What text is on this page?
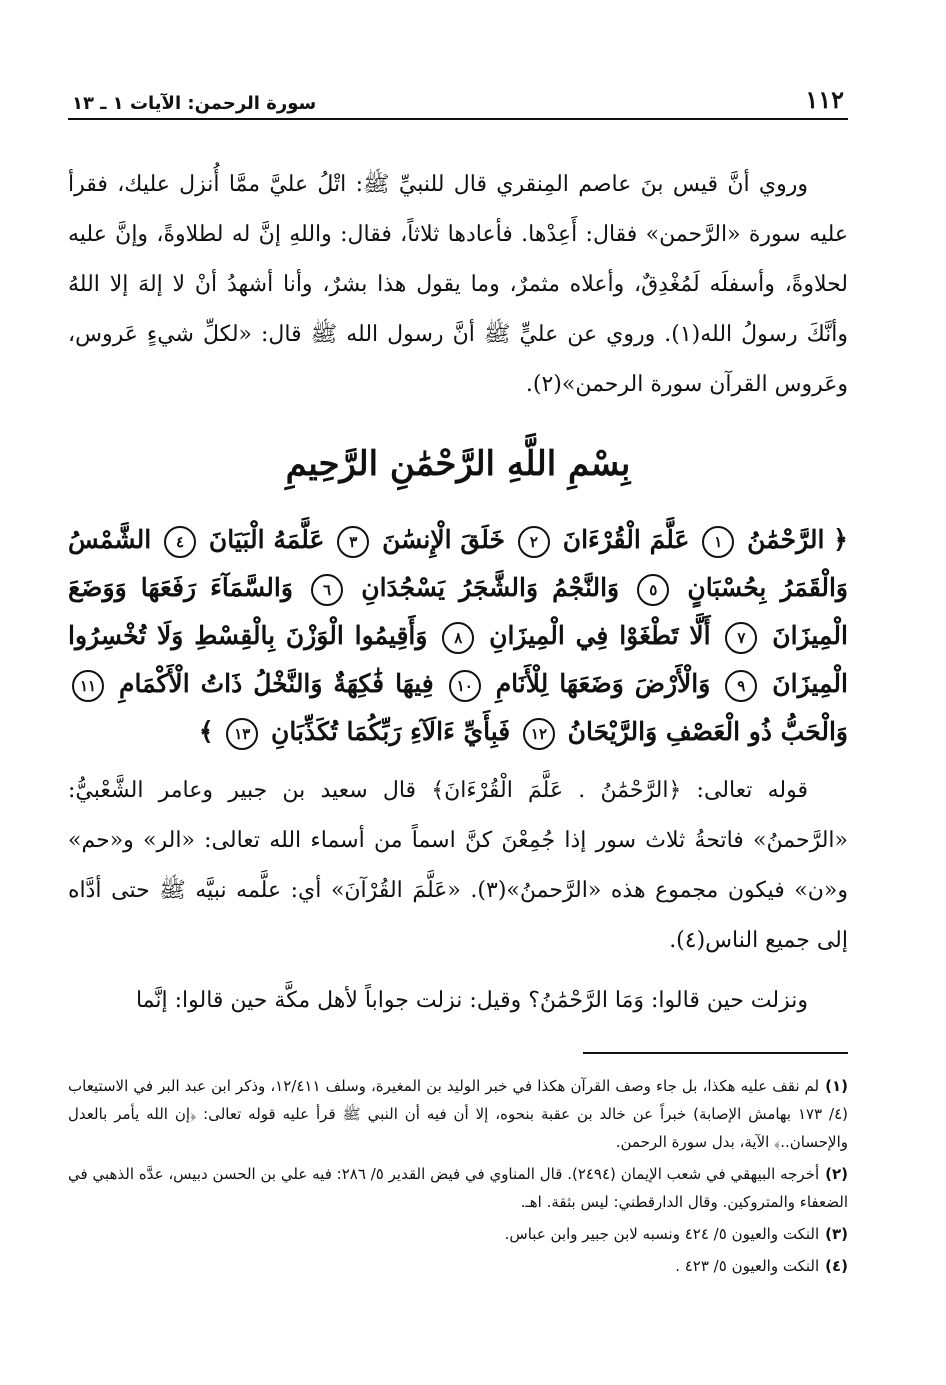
١١٢
سورة الرحمن: الآيات ١ ـ ١٣

وروي أنَّ قيس بنَ عاصم المِنقري قال للنبيِّ ﷺ: اتْلُ عليَّ ممَّا أُنزل عليك، فقرأ عليه سورة «الرَّحمن» فقال: أَعِدْها. فأعادها ثلاثاً، فقال: واللهِ إنَّ له لطلاوةً، وإنَّ عليه لحلاوةً، وأسفلَه لَمُغْدِقٌ، وأعلاه مثمرٌ، وما يقول هذا بشرٌ، وأنا أشهدُ أنْ لا إلهَ إلا اللهُ وأنَّكَ رسولُ الله(١). وروي عن عليٍّ ﷺ أنَّ رسول الله ﷺ قال: «لكلِّ شيءٍ عَروس، وعَروس القرآن سورة الرحمن»(٢).

بِسْمِ اللَّهِ الرَّحْمَٰنِ الرَّحِيمِ

﴿ الرَّحْمَٰنُ ١ عَلَّمَ الْقُرْءَانَ ٢ خَلَقَ الْإِنسَٰنَ ٣ عَلَّمَهُ الْبَيَانَ ٤ الشَّمْسُ وَالْقَمَرُ بِحُسْبَانٍ ٥ وَالنَّجْمُ وَالشَّجَرُ يَسْجُدَانِ ٦ وَالسَّمَآءَ رَفَعَهَا وَوَضَعَ الْمِيزَانَ ٧ أَلَّا تَطْغَوْا فِي الْمِيزَانِ ٨ وَأَقِيمُوا الْوَزْنَ بِالْقِسْطِ وَلَا تُخْسِرُوا الْمِيزَانَ ٩ وَالْأَرْضَ وَضَعَهَا لِلْأَنَامِ ١٠ فِيهَا فَٰكِهَةٌ وَالنَّخْلُ ذَاتُ الْأَكْمَامِ ١١ وَالْحَبُّ ذُو الْعَصْفِ وَالرَّيْحَانُ ١٢ فَبِأَيِّ ءَالَآءِ رَبِّكُمَا تُكَذِّبَانِ ١٣ ﴾

قوله تعالى: ﴿الرَّحْمَٰنُ . عَلَّمَ الْقُرْءَانَ﴾ قال سعيد بن جبير وعامر الشَّعْبيُّ: «الرَّحمنُ» فاتحةُ ثلاث سور إذا جُمِعْنَ كنَّ اسماً من أسماء الله تعالى: «الر» و«حم» و«ن» فيكون مجموع هذه «الرَّحمنُ»(٣). «عَلَّمَ القُرْآنَ» أي: علَّمه نبيَّه ﷺ حتى أدَّاه إلى جميع الناس(٤).

ونزلت حين قالوا: وَمَا الرَّحْمَٰنُ؟ وقيل: نزلت جواباً لأهل مكَّة حين قالوا: إنَّما

(١)لم نقف عليه هكذا، بل جاء وصف القرآن هكذا في خبر الوليد بن المغيرة، وسلف ١٢/٤١١، وذكر ابن عبد البر في الاستيعاب (٤/ ١٧٣ بهامش الإصابة) خبراً عن خالد بن عقبة بنحوه، إلا أن فيه أن النبي ﷺ قرأ عليه قوله تعالى: ﴿إن الله يأمر بالعدل والإحسان..﴾ الآية، بدل سورة الرحمن.

(٢)أخرجه البيهقي في شعب الإيمان (٢٤٩٤). قال المناوي في فيض القدير ٥/ ٢٨٦: فيه علي بن الحسن دبيس، عدَّه الذهبي في الضعفاء والمتروكين. وقال الدارقطني: ليس بثقة. اهـ.

(٣)النكت والعيون ٥/ ٤٢٤ ونسبه لابن جبير وابن عباس.

(٤)النكت والعيون ٥/ ٤٢٣ .
